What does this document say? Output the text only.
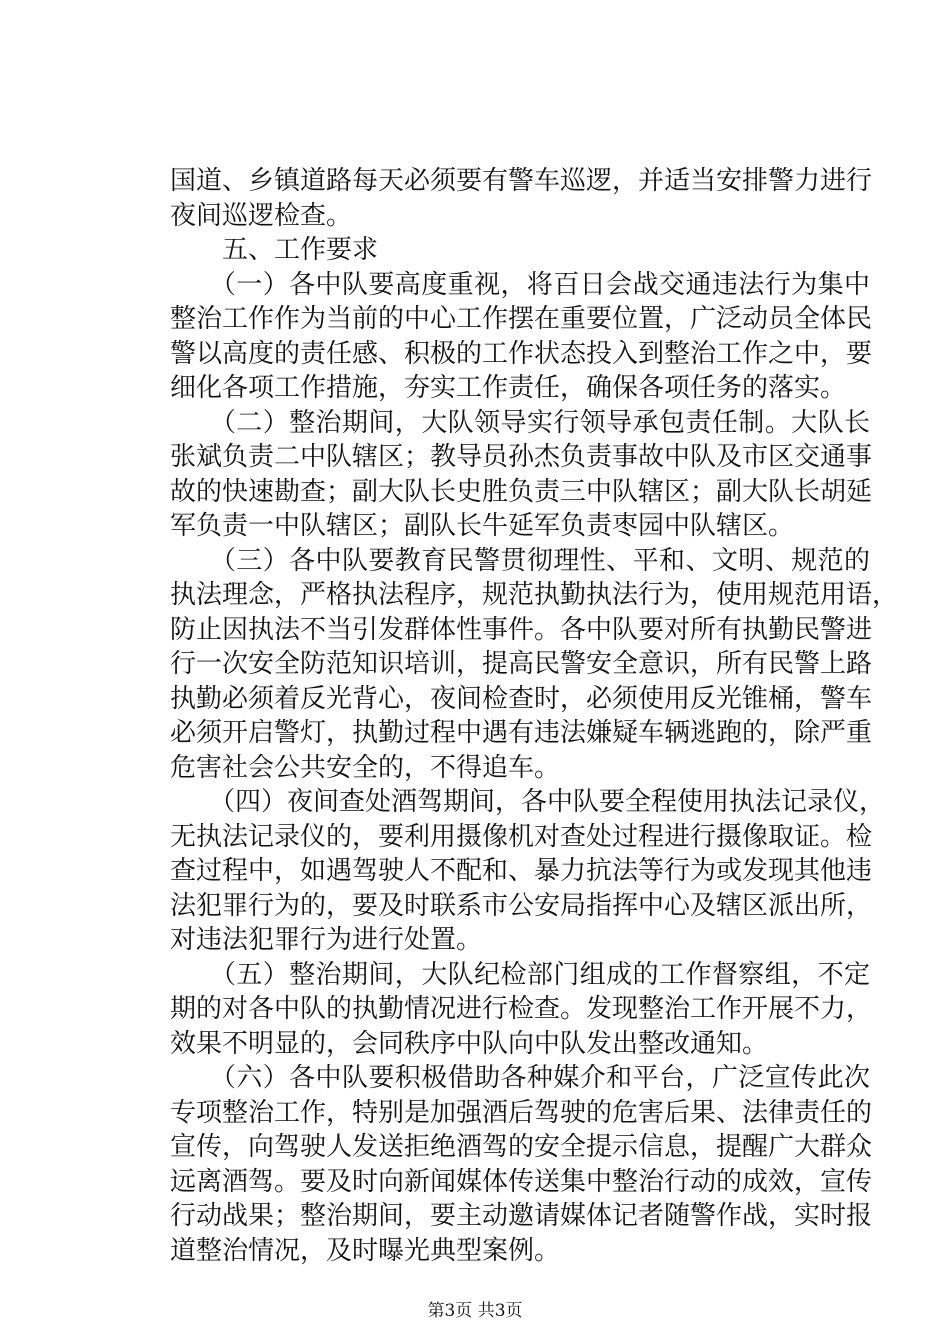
国道、乡镇道路每天必须要有警车巡逻，并适当安排警力进行
夜间巡逻检查。
　　五、工作要求
　　（一）各中队要高度重视，将百日会战交通违法行为集中
整治工作作为当前的中心工作摆在重要位置，广泛动员全体民
警以高度的责任感、积极的工作状态投入到整治工作之中，要
细化各项工作措施，夯实工作责任，确保各项任务的落实。
　　（二）整治期间，大队领导实行领导承包责任制。大队长
张斌负责二中队辖区；教导员孙杰负责事故中队及市区交通事
故的快速勘查；副大队长史胜负责三中队辖区；副大队长胡延
军负责一中队辖区；副队长牛延军负责枣园中队辖区。
　　（三）各中队要教育民警贯彻理性、平和、文明、规范的
执法理念，严格执法程序，规范执勤执法行为，使用规范用语，
防止因执法不当引发群体性事件。各中队要对所有执勤民警进
行一次安全防范知识培训，提高民警安全意识，所有民警上路
执勤必须着反光背心，夜间检查时，必须使用反光锥桶，警车
必须开启警灯，执勤过程中遇有违法嫌疑车辆逃跑的，除严重
危害社会公共安全的，不得追车。
　　（四）夜间查处酒驾期间，各中队要全程使用执法记录仪，
无执法记录仪的，要利用摄像机对查处过程进行摄像取证。检
查过程中，如遇驾驶人不配和、暴力抗法等行为或发现其他违
法犯罪行为的，要及时联系市公安局指挥中心及辖区派出所，
对违法犯罪行为进行处置。
　　（五）整治期间，大队纪检部门组成的工作督察组，不定
期的对各中队的执勤情况进行检查。发现整治工作开展不力，
效果不明显的，会同秩序中队向中队发出整改通知。
　　（六）各中队要积极借助各种媒介和平台，广泛宣传此次
专项整治工作，特别是加强酒后驾驶的危害后果、法律责任的
宣传，向驾驶人发送拒绝酒驾的安全提示信息，提醒广大群众
远离酒驾。要及时向新闻媒体传送集中整治行动的成效，宣传
行动战果；整治期间，要主动邀请媒体记者随警作战，实时报
道整治情况，及时曝光典型案例。
第3页 共3页
